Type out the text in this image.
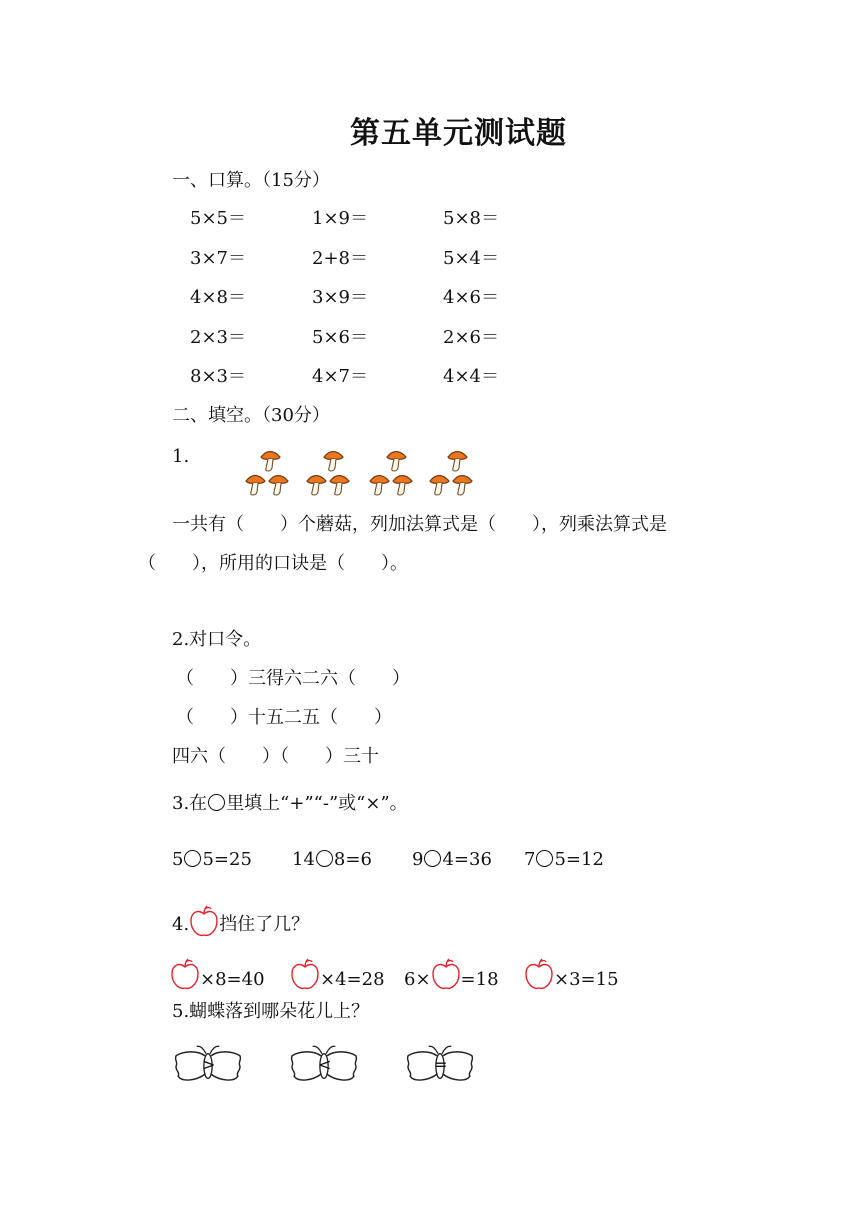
第五单元测试题
一、口算。（15分）
5×5＝	1×9＝	5×8＝
3×7＝	2+8＝	5×4＝
4×8＝	3×9＝	4×6＝
2×3＝	5×6＝	2×6＝
8×3＝	4×7＝	4×4＝
二、填空。（30分）
1.
一共有（　　）个蘑菇，列加法算式是（　　），列乘法算式是
（　　），所用的口诀是（　　）。
2.对口令。
（　　）三得六二六（　　）
（　　）十五二五（　　）
四六（　　）（　　）三十
3.在 里填上“+”“-”或“×”。
5 5=25 14 8=6 9 4=36 7 5=12
4. 挡住了几？
×8=40	×4=28 6× =18	×3=15
5.蝴蝶落到哪朵花儿上？
>	<	=
